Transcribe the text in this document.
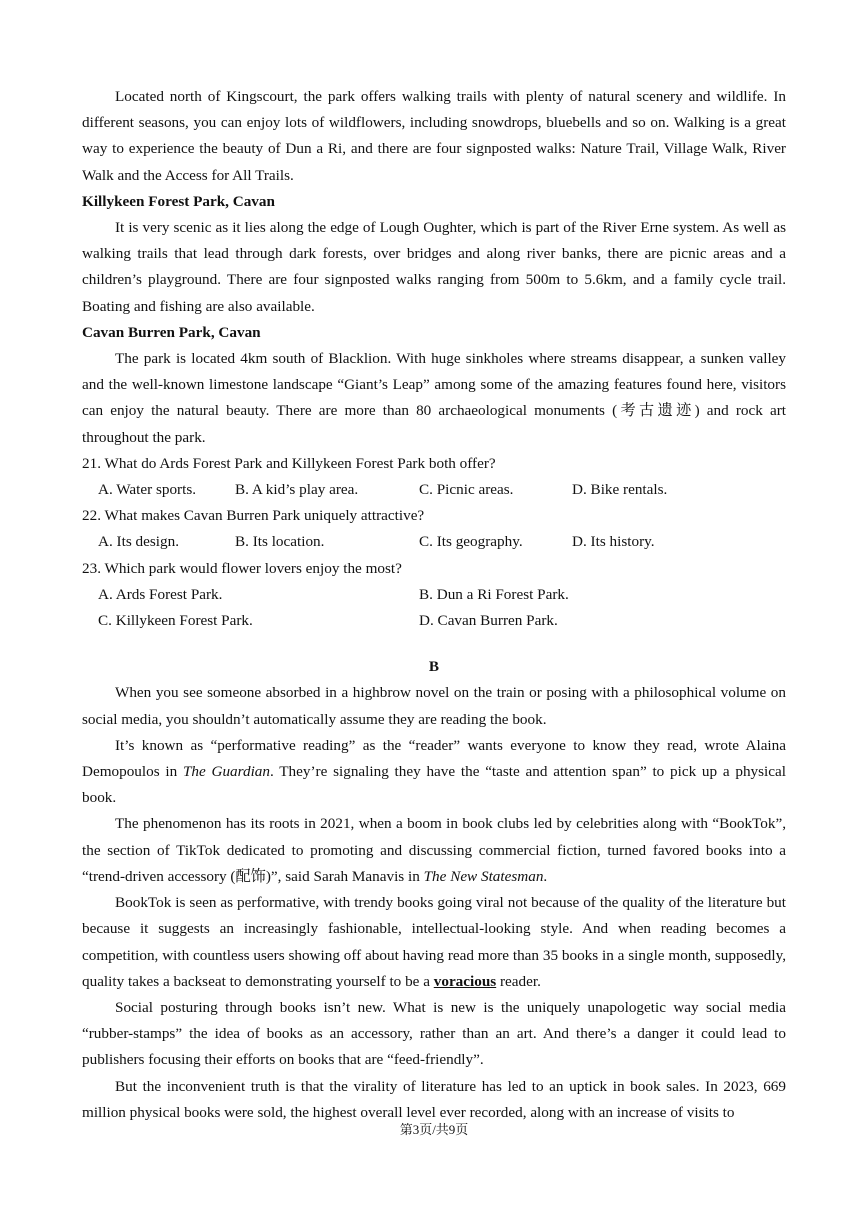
Located north of Kingscourt, the park offers walking trails with plenty of natural scenery and wildlife. In different seasons, you can enjoy lots of wildflowers, including snowdrops, bluebells and so on. Walking is a great way to experience the beauty of Dun a Ri, and there are four signposted walks: Nature Trail, Village Walk, River Walk and the Access for All Trails.

Killykeen Forest Park, Cavan

It is very scenic as it lies along the edge of Lough Oughter, which is part of the River Erne system. As well as walking trails that lead through dark forests, over bridges and along river banks, there are picnic areas and a children’s playground. There are four signposted walks ranging from 500m to 5.6km, and a family cycle trail. Boating and fishing are also available.

Cavan Burren Park, Cavan

The park is located 4km south of Blacklion. With huge sinkholes where streams disappear, a sunken valley and the well-known limestone landscape “Giant’s Leap” among some of the amazing features found here, visitors can enjoy the natural beauty. There are more than 80 archaeological monuments (考古遗迹) and rock art throughout the park.

21. What do Ards Forest Park and Killykeen Forest Park both offer?

A. Water sports.	B. A kid’s play area.	C. Picnic areas.	D. Bike rentals.

22. What makes Cavan Burren Park uniquely attractive?

A. Its design.	B. Its location.	C. Its geography.	D. Its history.

23. Which park would flower lovers enjoy the most?

A. Ards Forest Park.	B. Dun a Ri Forest Park.
C. Killykeen Forest Park.	D. Cavan Burren Park.

B

When you see someone absorbed in a highbrow novel on the train or posing with a philosophical volume on social media, you shouldn’t automatically assume they are reading the book.

It’s known as “performative reading” as the “reader” wants everyone to know they read, wrote Alaina Demopoulos in The Guardian. They’re signaling they have the “taste and attention span” to pick up a physical book.

The phenomenon has its roots in 2021, when a boom in book clubs led by celebrities along with “BookTok”, the section of TikTok dedicated to promoting and discussing commercial fiction, turned favored books into a “trend-driven accessory (配饰)”, said Sarah Manavis in The New Statesman.

BookTok is seen as performative, with trendy books going viral not because of the quality of the literature but because it suggests an increasingly fashionable, intellectual-looking style. And when reading becomes a competition, with countless users showing off about having read more than 35 books in a single month, supposedly, quality takes a backseat to demonstrating yourself to be a voracious reader.

Social posturing through books isn’t new. What is new is the uniquely unapologetic way social media “rubber-stamps” the idea of books as an accessory, rather than an art. And there’s a danger it could lead to publishers focusing their efforts on books that are “feed-friendly”.

But the inconvenient truth is that the virality of literature has led to an uptick in book sales. In 2023, 669 million physical books were sold, the highest overall level ever recorded, along with an increase of visits to

第3页/共9页
